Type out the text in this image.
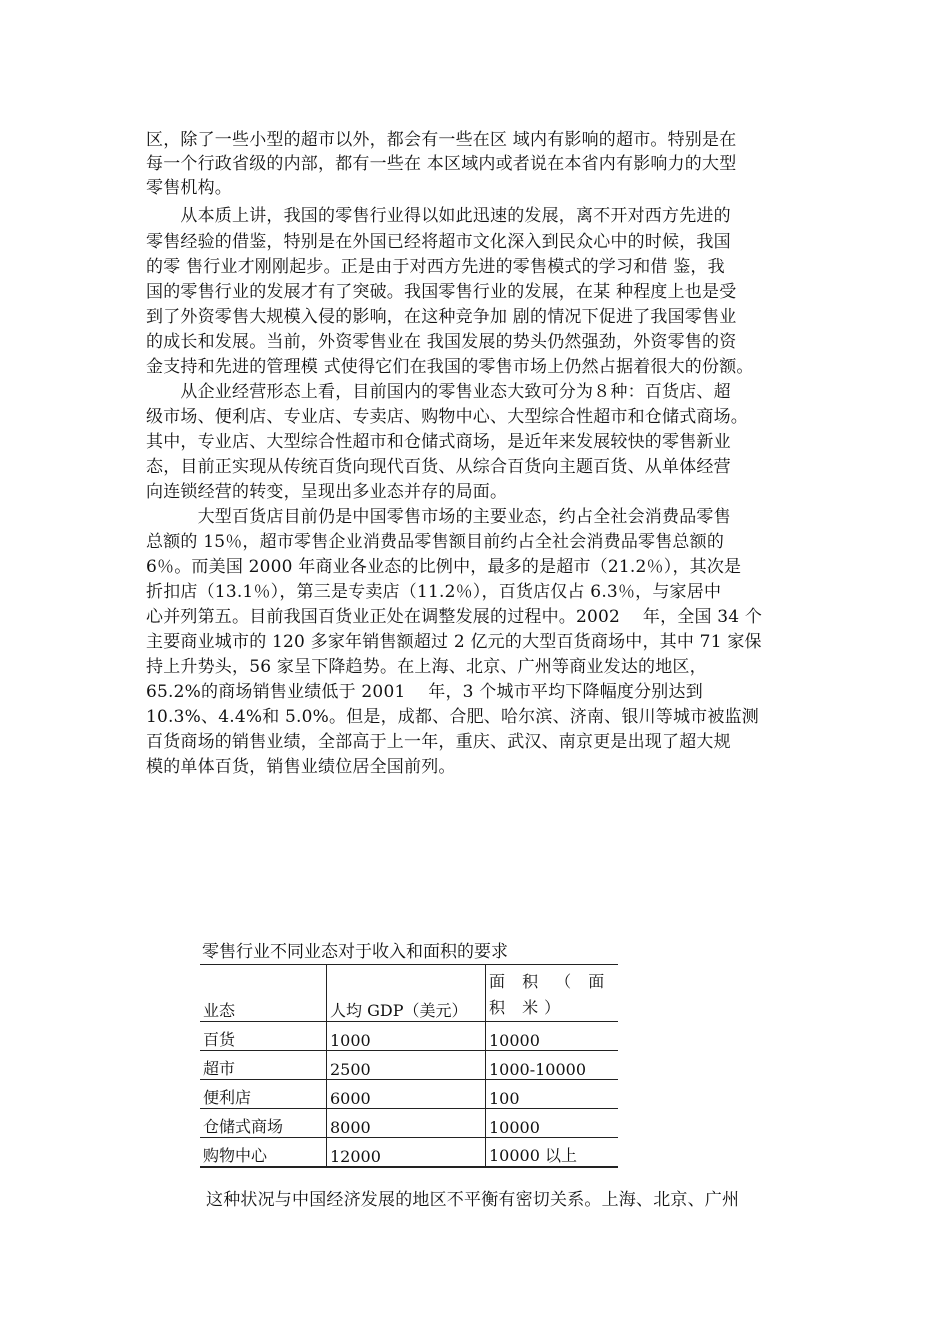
区，除了一些小型的超市以外，都会有一些在区 域内有影响的超市。特别是在
每一个行政省级的内部，都有一些在 本区域内或者说在本省内有影响力的大型
零售机构。
　　从本质上讲，我国的零售行业得以如此迅速的发展，离不开对西方先进的
零售经验的借鉴，特别是在外国已经将超市文化深入到民众心中的时候，我国
的零 售行业才刚刚起步。正是由于对西方先进的零售模式的学习和借 鉴，我
国的零售行业的发展才有了突破。我国零售行业的发展，在某 种程度上也是受
到了外资零售大规模入侵的影响，在这种竞争加 剧的情况下促进了我国零售业
的成长和发展。当前，外资零售业在 我国发展的势头仍然强劲，外资零售的资
金支持和先进的管理模 式使得它们在我国的零售市场上仍然占据着很大的份额。
　　从企业经营形态上看，目前国内的零售业态大致可分为８种：百货店、超
级市场、便利店、专业店、专卖店、购物中心、大型综合性超市和仓储式商场。
其中，专业店、大型综合性超市和仓储式商场，是近年来发展较快的零售新业
态，目前正实现从传统百货向现代百货、从综合百货向主题百货、从单体经营
向连锁经营的转变，呈现出多业态并存的局面。
　　　大型百货店目前仍是中国零售市场的主要业态，约占全社会消费品零售
总额的 15％，超市零售企业消费品零售额目前约占全社会消费品零售总额的
6％。而美国 2000 年商业各业态的比例中，最多的是超市（21.2％），其次是
折扣店（13.1％），第三是专卖店（11.2％），百货店仅占 6.3％，与家居中
心并列第五。目前我国百货业正处在调整发展的过程中。2002　 年，全国 34 个
主要商业城市的 120 多家年销售额超过 2 亿元的大型百货商场中，其中 71 家保
持上升势头，56 家呈下降趋势。在上海、北京、广州等商业发达的地区，
65.2%的商场销售业绩低于 2001　 年，3 个城市平均下降幅度分别达到
10.3%、4.4%和 5.0%。但是，成都、合肥、哈尔滨、济南、银川等城市被监测
百货商场的销售业绩，全部高于上一年，重庆、武汉、南京更是出现了超大规
模的单体百货，销售业绩位居全国前列。
零售行业不同业态对于收入和面积的要求
业态	人均 GDP（美元）	面 积 （ 面 积 米）
百货	1000	10000
超市	2500	1000-10000
便利店	6000	100
仓储式商场	8000	10000
购物中心	12000	10000 以上
这种状况与中国经济发展的地区不平衡有密切关系。上海、北京、广州
